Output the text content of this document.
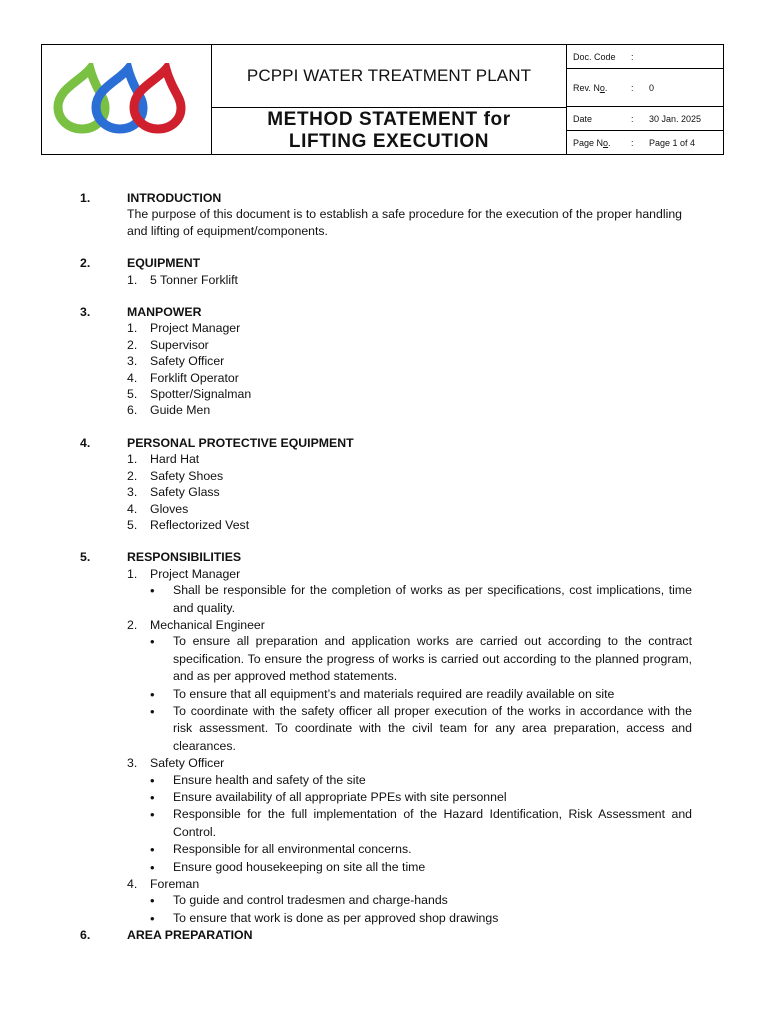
PCPPI WATER TREATMENT PLANT
METHOD STATEMENT for
LIFTING EXECUTION
Doc. Code :
Rev. No.	: 0
Date	: 30 Jan. 2025
Page No. : Page 1 of 4
1.	INTRODUCTION
The purpose of this document is to establish a safe procedure for the execution of the proper handling and lifting of equipment/components.
2.	EQUIPMENT
1. 5 Tonner Forklift
3.	MANPOWER
1. Project Manager
2. Supervisor
3. Safety Officer
4. Forklift Operator
5. Spotter/Signalman
6. Guide Men
4.	PERSONAL PROTECTIVE EQUIPMENT
1. Hard Hat
2. Safety Shoes
3. Safety Glass
4. Gloves
5. Reflectorized Vest
5.	RESPONSIBILITIES
1. Project Manager
• Shall be responsible for the completion of works as per specifications, cost implications, time and quality.
2. Mechanical Engineer
• To ensure all preparation and application works are carried out according to the contract specification. To ensure the progress of works is carried out according to the planned program, and as per approved method statements.
• To ensure that all equipment’s and materials required are readily available on site
• To coordinate with the safety officer all proper execution of the works in accordance with the risk assessment. To coordinate with the civil team for any area preparation, access and clearances.
3. Safety Officer
• Ensure health and safety of the site
• Ensure availability of all appropriate PPEs with site personnel
• Responsible for the full implementation of the Hazard Identification, Risk Assessment and Control.
• Responsible for all environmental concerns.
• Ensure good housekeeping on site all the time
4. Foreman
• To guide and control tradesmen and charge-hands
• To ensure that work is done as per approved shop drawings
6.	AREA PREPARATION
